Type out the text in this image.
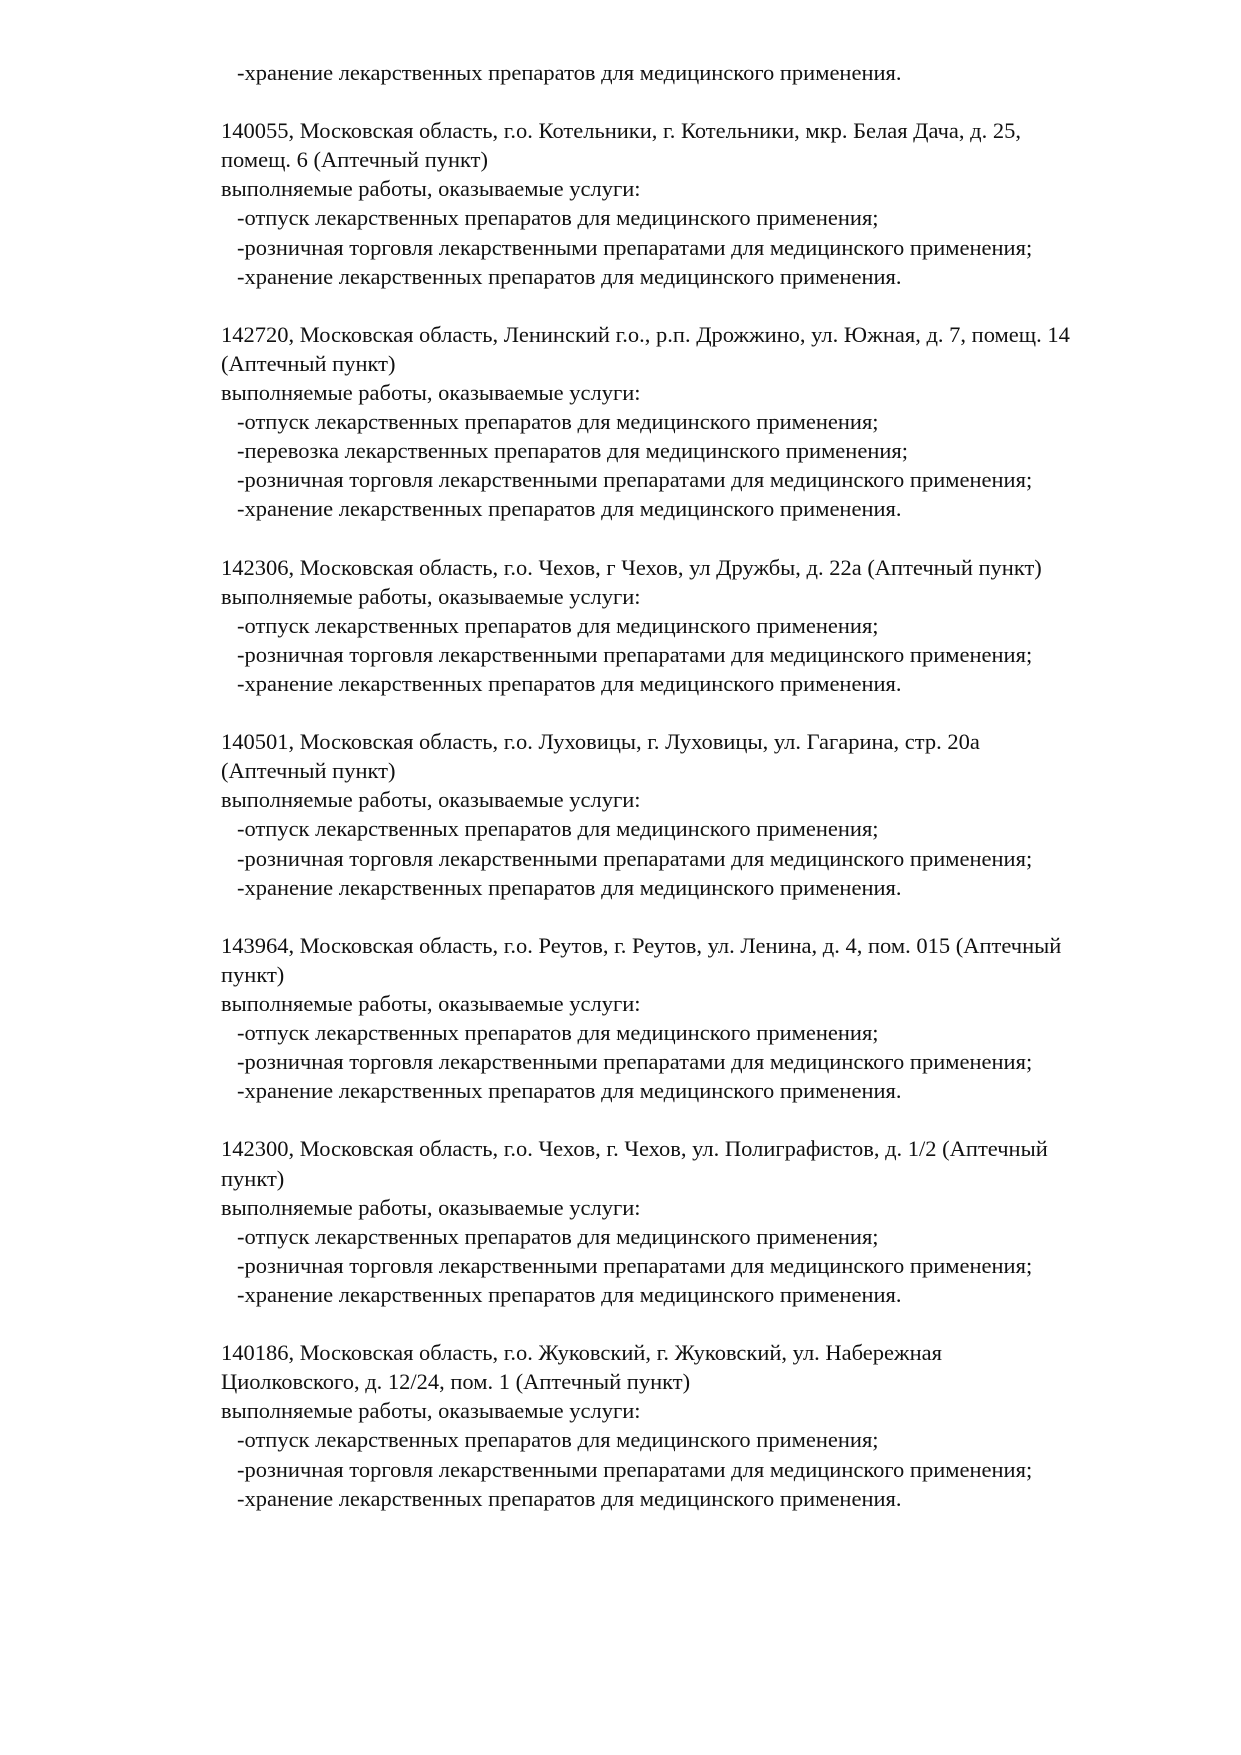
-хранение лекарственных препаратов для медицинского применения.
140055, Московская область, г.о. Котельники, г. Котельники, мкр. Белая Дача, д. 25,
помещ. 6 (Аптечный пункт)
выполняемые работы, оказываемые услуги:
-отпуск лекарственных препаратов для медицинского применения;
-розничная торговля лекарственными препаратами для медицинского применения;
-хранение лекарственных препаратов для медицинского применения.
142720, Московская область, Ленинский г.о., р.п. Дрожжино, ул. Южная, д. 7, помещ. 14
(Аптечный пункт)
выполняемые работы, оказываемые услуги:
-отпуск лекарственных препаратов для медицинского применения;
-перевозка лекарственных препаратов для медицинского применения;
-розничная торговля лекарственными препаратами для медицинского применения;
-хранение лекарственных препаратов для медицинского применения.
142306, Московская область, г.о. Чехов, г Чехов, ул Дружбы, д. 22а (Аптечный пункт)
выполняемые работы, оказываемые услуги:
-отпуск лекарственных препаратов для медицинского применения;
-розничная торговля лекарственными препаратами для медицинского применения;
-хранение лекарственных препаратов для медицинского применения.
140501, Московская область, г.о. Луховицы, г. Луховицы, ул. Гагарина, стр. 20а
(Аптечный пункт)
выполняемые работы, оказываемые услуги:
-отпуск лекарственных препаратов для медицинского применения;
-розничная торговля лекарственными препаратами для медицинского применения;
-хранение лекарственных препаратов для медицинского применения.
143964, Московская область, г.о. Реутов, г. Реутов, ул. Ленина, д. 4, пом. 015 (Аптечный
пункт)
выполняемые работы, оказываемые услуги:
-отпуск лекарственных препаратов для медицинского применения;
-розничная торговля лекарственными препаратами для медицинского применения;
-хранение лекарственных препаратов для медицинского применения.
142300, Московская область, г.о. Чехов, г. Чехов, ул. Полиграфистов, д. 1/2 (Аптечный
пункт)
выполняемые работы, оказываемые услуги:
-отпуск лекарственных препаратов для медицинского применения;
-розничная торговля лекарственными препаратами для медицинского применения;
-хранение лекарственных препаратов для медицинского применения.
140186, Московская область, г.о. Жуковский, г. Жуковский, ул. Набережная
Циолковского, д. 12/24, пом. 1 (Аптечный пункт)
выполняемые работы, оказываемые услуги:
-отпуск лекарственных препаратов для медицинского применения;
-розничная торговля лекарственными препаратами для медицинского применения;
-хранение лекарственных препаратов для медицинского применения.
